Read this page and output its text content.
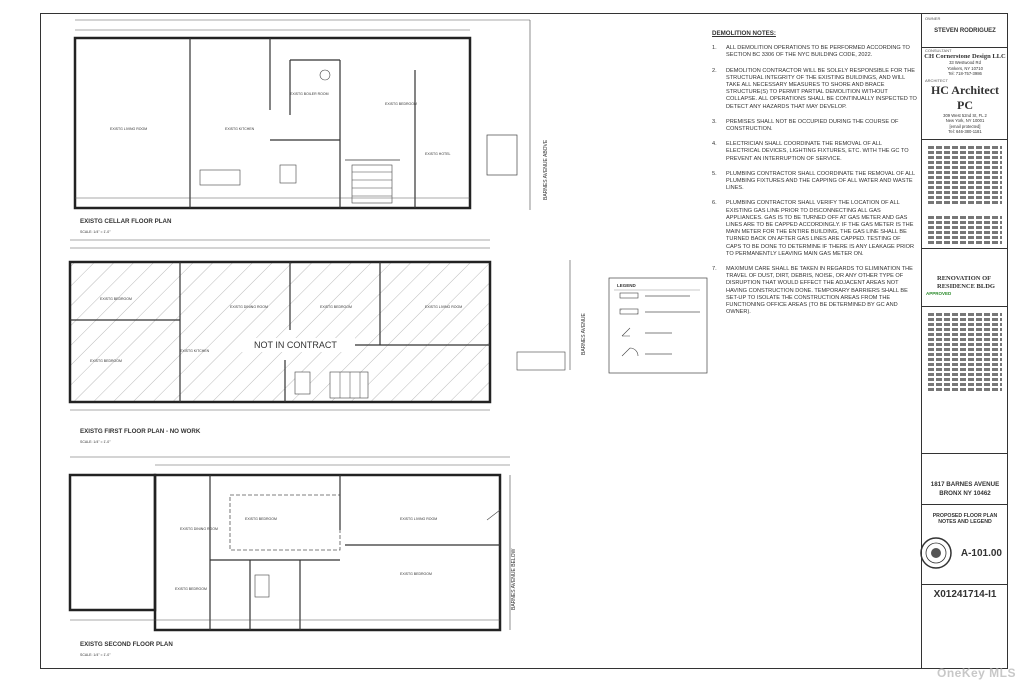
EXISTG LIVING ROOM	EXISTG KITCHEN
EXISTG BEDROOM
EXISTG BOILER ROOM
EXISTG HOTEL
EXISTG CELLAR FLOOR PLAN
SCALE: 1/4" = 1'-0"
BARNES AVENUE ABOVE
EXISTG BEDROOM
EXISTG DINING ROOM	EXISTG BEDROOM	EXISTG LIVING ROOM
EXISTG BEDROOM
EXISTG KITCHEN
NOT IN CONTRACT
EXISTG FIRST FLOOR PLAN - NO WORK
SCALE: 1/4" = 1'-0"
BARNES AVENUE
LEGEND
EXISTG DINING ROOM
EXISTG BEDROOM	EXISTG LIVING ROOM
EXISTG BEDROOM
EXISTG BEDROOM
EXISTG SECOND FLOOR PLAN
SCALE: 1/4" = 1'-0"
BARNES AVENUE BELOW
DEMOLITION NOTES:
1.	ALL DEMOLITION OPERATIONS TO BE PERFORMED ACCORDING TO SECTION BC 3306 OF THE NYC BUILDING CODE, 2022.
2.	DEMOLITION CONTRACTOR WILL BE SOLELY RESPONSIBLE FOR THE STRUCTURAL INTEGRITY OF THE EXISTING BUILDINGS, AND WILL TAKE ALL NECESSARY MEASURES TO SHORE AND BRACE STRUCTURE(S) TO PERMIT PARTIAL DEMOLITION WITHOUT COLLAPSE. ALL OPERATIONS SHALL BE CONTINUALLY INSPECTED TO DETECT ANY HAZARDS THAT MAY DEVELOP.
3.	PREMISES SHALL NOT BE OCCUPIED DURING THE COURSE OF CONSTRUCTION.
4.	ELECTRICIAN SHALL COORDINATE THE REMOVAL OF ALL ELECTRICAL DEVICES, LIGHTING FIXTURES, ETC. WITH THE GC TO PREVENT AN INTERRUPTION OF SERVICE.
5.	PLUMBING CONTRACTOR SHALL COORDINATE THE REMOVAL OF ALL PLUMBING FIXTURES AND THE CAPPING OF ALL WATER AND WASTE LINES.
6.	PLUMBING CONTRACTOR SHALL VERIFY THE LOCATION OF ALL EXISTING GAS LINE PRIOR TO DISCONNECTING ALL GAS APPLIANCES. GAS IS TO BE TURNED OFF AT GAS METER AND GAS LINES ARE TO BE CAPPED ACCORDINGLY. IF THE GAS METER IS THE MAIN METER FOR THE ENTIRE BUILDING, THE GAS LINE SHALL BE TURNED BACK ON AFTER GAS LINES ARE CAPPED. TESTING OF CAPS TO BE DONE TO DETERMINE IF THERE IS ANY LEAKAGE PRIOR TO PERMANENTLY LEAVING MAIN GAS METER ON.
7.	MAXIMUM CARE SHALL BE TAKEN IN REGARDS TO ELIMINATION THE TRAVEL OF DUST, DIRT, DEBRIS, NOISE, OR ANY OTHER TYPE OF DISRUPTION THAT WOULD EFFECT THE ADJACENT AREAS NOT HAVING CONSTRUCTION DONE. TEMPORARY BARRIERS SHALL BE SET-UP TO ISOLATE THE CONSTRUCTION AREAS FROM THE FUNCTIONING OFFICE AREAS (TO BE DETERMINED BY GC AND OWNER).
OWNER
STEVEN RODRIGUEZ
CONSULTANT
CH Cornerstone Design LLC
33 Westwood Rd
Yonkers, NY 10710
Tel: 718-757-3986
ARCHITECT
HC Architect PC
309 West 52nd St, FL 2
New York, NY 10001
[email protected]
Tel: 646-380-1181
RENOVATION OF
RESIDENCE BLDG
APPROVED
1817 BARNES AVENUE
BRONX NY 10462
PROPOSED FLOOR PLAN
NOTES AND LEGEND
A-101.00
X01241714-I1
OneKey MLS
